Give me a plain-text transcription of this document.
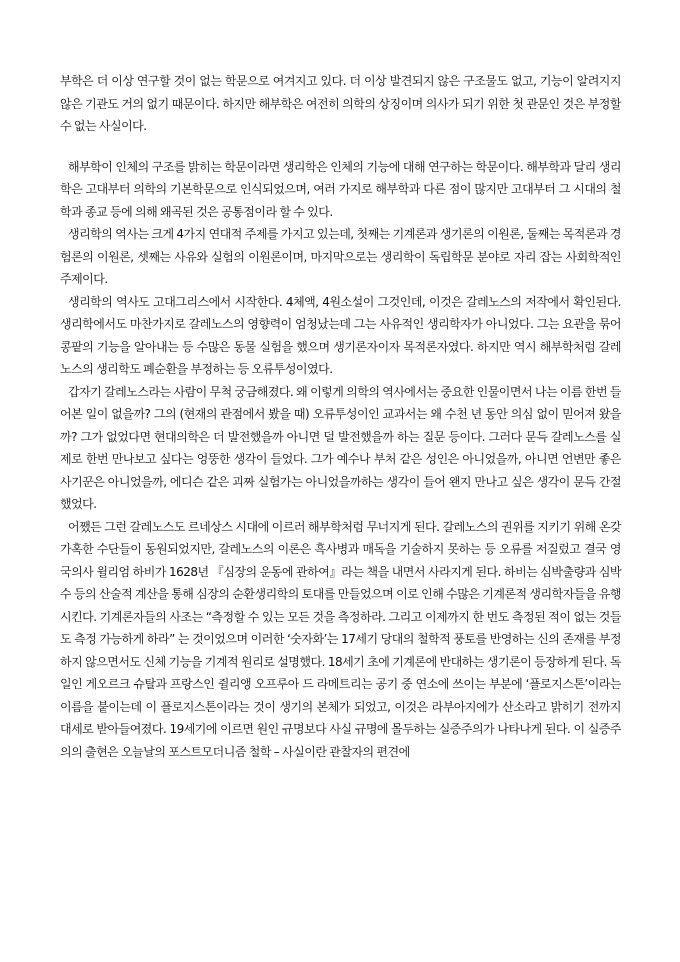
부학은 더 이상 연구할 것이 없는 학문으로 여겨지고 있다. 더 이상 발견되지 않은 구조물도 없고, 기능이 알려지지 않은 기관도 거의 없기 때문이다. 하지만 해부학은 여전히 의학의 상징이며 의사가 되기 위한 첫 관문인 것은 부정할 수 없는 사실이다.

해부학이 인체의 구조를 밝히는 학문이라면 생리학은 인체의 기능에 대해 연구하는 학문이다. 해부학과 달리 생리학은 고대부터 의학의 기본학문으로 인식되었으며, 여러 가지로 해부학과 다른 점이 많지만 고대부터 그 시대의 철학과 종교 등에 의해 왜곡된 것은 공통점이라 할 수 있다.

생리학의 역사는 크게 4가지 연대적 주제를 가지고 있는데, 첫째는 기계론과 생기론의 이원론, 둘째는 목적론과 경험론의 이원론, 셋째는 사유와 실험의 이원론이며, 마지막으로는 생리학이 독립학문 분야로 자리 잡는 사회학적인 주제이다.

생리학의 역사도 고대그리스에서 시작한다. 4체액, 4원소설이 그것인데, 이것은 갈레노스의 저작에서 확인된다. 생리학에서도 마찬가지로 갈레노스의 영향력이 엄청났는데 그는 사유적인 생리학자가 아니었다. 그는 요관을 묶어 콩팥의 기능을 알아내는 등 수많은 동물 실험을 했으며 생기론자이자 목적론자였다. 하지만 역시 해부학처럼 갈레노스의 생리학도 폐순환을 부정하는 등 오류투성이였다.

갑자기 갈레노스라는 사람이 무척 궁금해졌다. 왜 이렇게 의학의 역사에서는 중요한 인물이면서 나는 이름 한번 들어본 일이 없을까? 그의 (현재의 관점에서 봤을 때) 오류투성이인 교과서는 왜 수천 년 동안 의심 없이 믿어져 왔을까? 그가 없었다면 현대의학은 더 발전했을까 아니면 덜 발전했을까 하는 질문 등이다. 그러다 문득 갈레노스를 실제로 한번 만나보고 싶다는 엉뚱한 생각이 들었다. 그가 예수나 부처 같은 성인은 아니었을까, 아니면 언변만 좋은 사기꾼은 아니었을까, 에디슨 같은 괴짜 실험가는 아니었을까하는 생각이 들어 왠지 만나고 싶은 생각이 문득 간절했었다.

어쨌든 그런 갈레노스도 르네상스 시대에 이르러 해부학처럼 무너지게 된다. 갈레노스의 권위를 지키기 위해 온갖 가혹한 수단들이 동원되었지만, 갈레노스의 이론은 흑사병과 매독을 기술하지 못하는 등 오류를 저질렀고 결국 영국의사 윌리엄 하비가 1628년 『심장의 운동에 관하여』라는 책을 내면서 사라지게 된다. 하비는 심박출량과 심박수 등의 산술적 계산을 통해 심장의 순환생리학의 토대를 만들었으며 이로 인해 수많은 기계론적 생리학자들을 유행시킨다. 기계론자들의 사조는 “측정할 수 있는 모든 것을 측정하라. 그리고 이제까지 한 번도 측정된 적이 없는 것들도 측정 가능하게 하라” 는 것이었으며 이러한 ‘숫자화’는 17세기 당대의 철학적 풍토를 반영하는 신의 존재를 부정하지 않으면서도 신체 기능을 기계적 원리로 설명했다. 18세기 초에 기계론에 반대하는 생기론이 등장하게 된다. 독일인 게오르크 슈탈과 프랑스인 쥘리앵 오프루아 드 라메트리는 공기 중 연소에 쓰이는 부분에 ‘플로지스톤’이라는 이름을 붙이는데 이 플로지스톤이라는 것이 생기의 본체가 되었고, 이것은 라부아지에가 산소라고 밝히기 전까지 대세로 받아들여졌다. 19세기에 이르면 원인 규명보다 사실 규명에 몰두하는 실증주의가 나타나게 된다. 이 실증주의의 출현은 오늘날의 포스트모더니즘 철학 – 사실이란 관찰자의 편견에
